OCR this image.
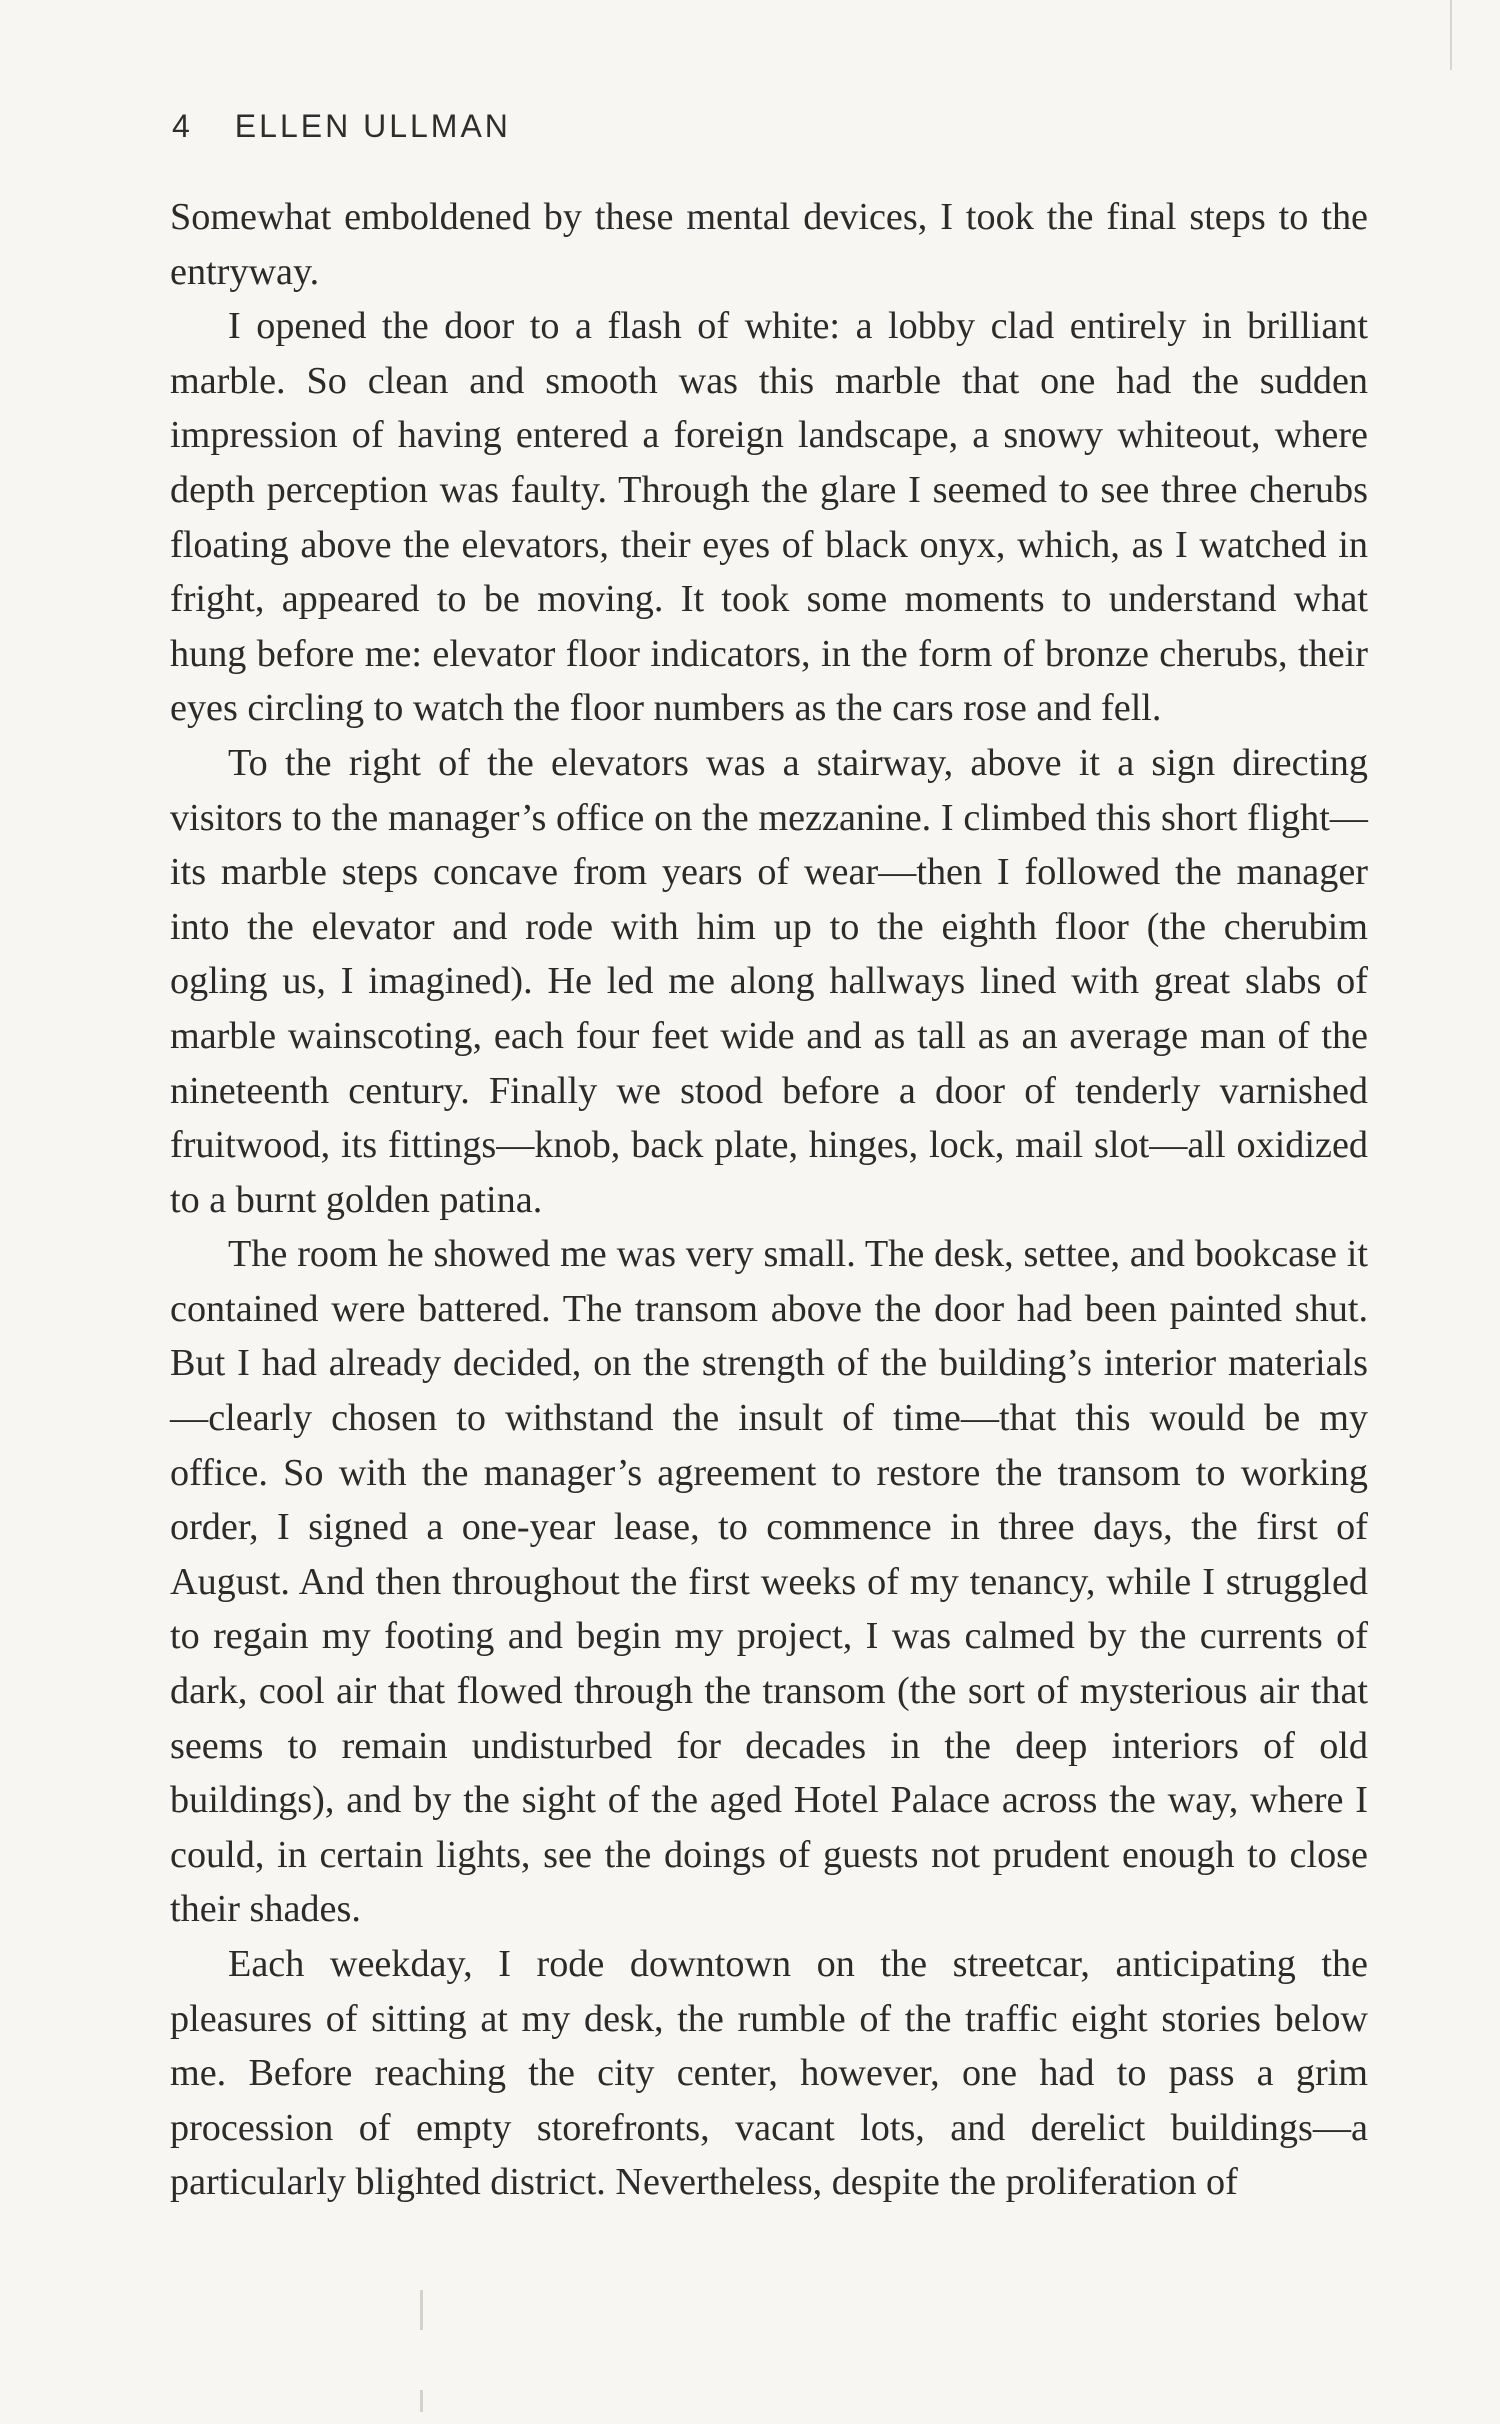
4 ELLEN ULLMAN

Somewhat emboldened by these mental devices, I took the final steps to the entryway.

I opened the door to a flash of white: a lobby clad entirely in brilliant marble. So clean and smooth was this marble that one had the sudden impression of having entered a foreign landscape, a snowy whiteout, where depth perception was faulty. Through the glare I seemed to see three cherubs floating above the elevators, their eyes of black onyx, which, as I watched in fright, appeared to be moving. It took some moments to understand what hung before me: elevator floor indicators, in the form of bronze cherubs, their eyes circling to watch the floor numbers as the cars rose and fell.

To the right of the elevators was a stairway, above it a sign directing visitors to the manager’s office on the mezzanine. I climbed this short flight—its marble steps concave from years of wear—then I followed the manager into the elevator and rode with him up to the eighth floor (the cherubim ogling us, I imagined). He led me along hallways lined with great slabs of marble wainscoting, each four feet wide and as tall as an average man of the nineteenth century. Finally we stood before a door of tenderly varnished fruitwood, its fittings—knob, back plate, hinges, lock, mail slot—all oxidized to a burnt golden patina.

The room he showed me was very small. The desk, settee, and bookcase it contained were battered. The transom above the door had been painted shut. But I had already decided, on the strength of the building’s interior materials—clearly chosen to withstand the insult of time—that this would be my office. So with the manager’s agreement to restore the transom to working order, I signed a one-year lease, to commence in three days, the first of August. And then throughout the first weeks of my tenancy, while I struggled to regain my footing and begin my project, I was calmed by the currents of dark, cool air that flowed through the transom (the sort of mysterious air that seems to remain undisturbed for decades in the deep interiors of old buildings), and by the sight of the aged Hotel Palace across the way, where I could, in certain lights, see the doings of guests not prudent enough to close their shades.

Each weekday, I rode downtown on the streetcar, anticipating the pleasures of sitting at my desk, the rumble of the traffic eight stories below me. Before reaching the city center, however, one had to pass a grim procession of empty storefronts, vacant lots, and derelict buildings—a particularly blighted district. Nevertheless, despite the proliferation of
